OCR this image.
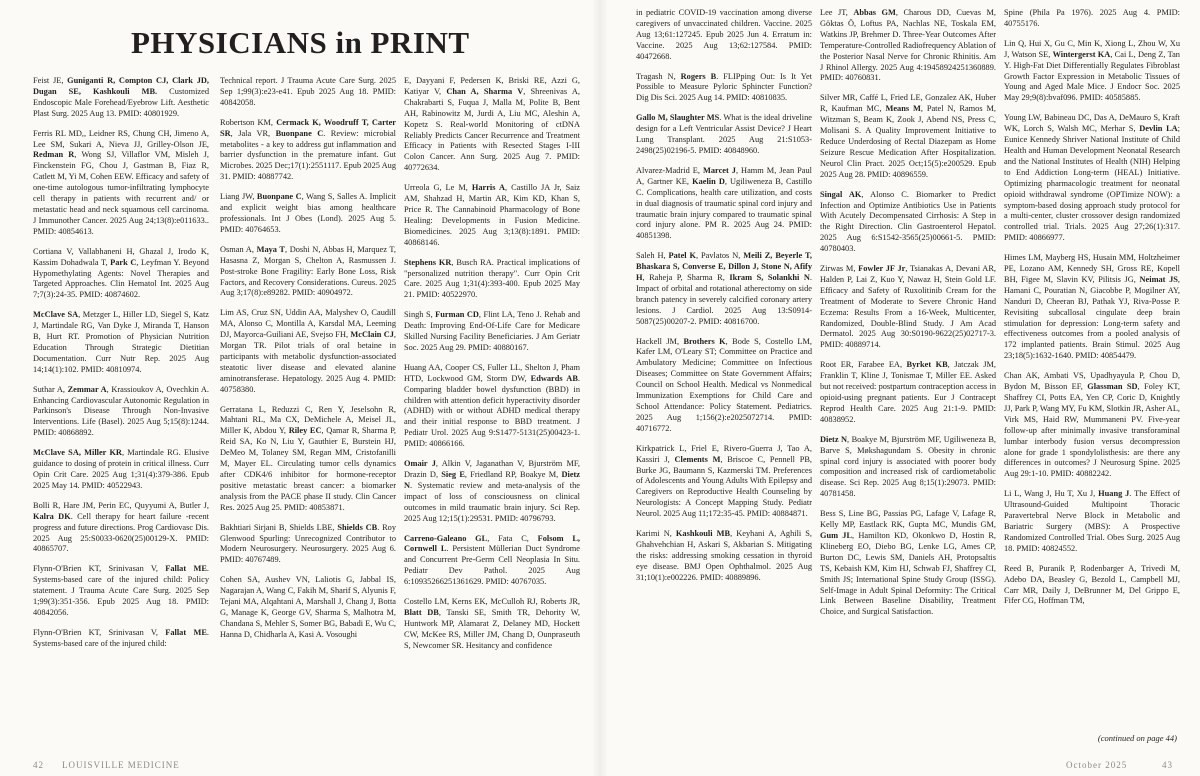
PHYSICIANS in PRINT

Feist JE, Guniganti R, Compton CJ, Clark JD, Dugan SE, Kashkouli MB. Customized Endoscopic Male Forehead/Eyebrow Lift. Aesthetic Plast Surg. 2025 Aug 13. PMID: 40801929.

Ferris RL MD,, Leidner RS, Chung CH, Jimeno A, Lee SM, Sukari A, Nieva JJ, Grilley-Olson JE, Redman R, Wong SJ, Villaflor VM, Misleh J, Finckenstein FG, Chou J, Gastman B, Fiaz R, Catlett M, Yi M, Cohen EEW. Efficacy and safety of one-time autologous tumor-infiltrating lymphocyte cell therapy in patients with recurrent and/ or metastatic head and neck squamous cell carcinoma. J Immunother Cancer. 2025 Aug 24;13(8):e011633.. PMID: 40854613.

Cortiana V, Vallabhaneni H, Ghazal J, Irodo K, Kassim Dohadwala T, Park C, Leyfman Y. Beyond Hypomethylating Agents: Novel Therapies and Targeted Approaches. Clin Hematol Int. 2025 Aug 7;7(3):24-35. PMID: 40874602.

McClave SA, Metzger L, Hiller LD, Siegel S, Katz J, Martindale RG, Van Dyke J, Miranda T, Hanson B, Hurt RT. Promotion of Physician Nutrition Education Through Strategic Dietitian Documentation. Curr Nutr Rep. 2025 Aug 14;14(1):102. PMID: 40810974.

Suthar A, Zemmar A, Krassioukov A, Ovechkin A. Enhancing Cardiovascular Autonomic Regulation in Parkinson's Disease Through Non-Invasive Interventions. Life (Basel). 2025 Aug 5;15(8):1244. PMID: 40868892.

McClave SA, Miller KR, Martindale RG. Elusive guidance to dosing of protein in critical illness. Curr Opin Crit Care. 2025 Aug 1;31(4):379-386. Epub 2025 May 14. PMID: 40522943.

Bolli R, Hare JM, Perin EC, Quyyumi A, Butler J, Kalra DK. Cell therapy for heart failure -recent progress and future directions. Prog Cardiovasc Dis. 2025 Aug 25:S0033-0620(25)00129-X. PMID: 40865707.

Flynn-O'Brien KT, Srinivasan V, Fallat ME. Systems-based care of the injured child: Policy statement. J Trauma Acute Care Surg. 2025 Sep 1;99(3):351-356. Epub 2025 Aug 18. PMID: 40842056.

Flynn-O'Brien KT, Srinivasan V, Fallat ME. Systems-based care of the injured child:

Technical report. J Trauma Acute Care Surg. 2025 Sep 1;99(3):e23-e41. Epub 2025 Aug 18. PMID: 40842058.

Robertson KM, Cermack K, Woodruff T, Carter SR, Jala VR, Buonpane C. Review: microbial metabolites - a key to address gut inflammation and barrier dysfunction in the premature infant. Gut Microbes. 2025 Dec;17(1):2551117. Epub 2025 Aug 31. PMID: 40887742.

Liang JW, Buonpane C, Wang S, Salles A. Implicit and explicit weight bias among healthcare professionals. Int J Obes (Lond). 2025 Aug 5. PMID: 40764653.

Osman A, Maya T, Doshi N, Abbas H, Marquez T, Hasasna Z, Morgan S, Chelton A, Rasmussen J. Post-stroke Bone Fragility: Early Bone Loss, Risk Factors, and Recovery Considerations. Cureus. 2025 Aug 3;17(8):e89282. PMID: 40904972.

Lim AS, Cruz SN, Uddin AA, Malyshev O, Caudill MA, Alonso C, Montilla A, Karsdal MA, Leeming DJ, Mayorca-Guiliani AE, Svejso FH, McClain CJ, Morgan TR. Pilot trials of oral betaine in participants with metabolic dysfunction-associated steatotic liver disease and elevated alanine aminotransferase. Hepatology. 2025 Aug 4. PMID: 40758380.

Gerratana L, Reduzzi C, Ren Y, Jeselsohn R, Mahtani RL, Ma CX, DeMichele A, Meisel JL, Miller K, Abdou Y, Riley EC, Qamar R, Sharma P, Reid SA, Ko N, Liu Y, Gauthier E, Burstein HJ, DeMeo M, Tolaney SM, Regan MM, Cristofanilli M, Mayer EL. Circulating tumor cells dynamics after CDK4/6 inhibitor for hormone-receptor positive metastatic breast cancer: a biomarker analysis from the PACE phase II study. Clin Cancer Res. 2025 Aug 25. PMID: 40853871.

Bakhtiari Sirjani B, Shields LBE, Shields CB. Roy Glenwood Spurling: Unrecognized Contributor to Modern Neurosurgery. Neurosurgery. 2025 Aug 6. PMID: 40767489.

Cohen SA, Aushev VN, Laliotis G, Jabbal IS, Nagarajan A, Wang C, Fakih M, Sharif S, Alyunis F, Tejani MA, Alqahtani A, Marshall J, Chang J, Botta G, Manage K, George GV, Sharma S, Malhotra M, Chandana S, Mehler S, Somer BG, Babadi E, Wu C, Hanna D, Chidharla A, Kasi A. Vosoughi

E, Dayyani F, Pedersen K, Briski RE, Azzi G, Katiyar V, Chan A, Sharma V, Shreenivas A, Chakrabarti S, Fuqua J, Malla M, Polite B, Bent AH, Rabinowitz M, Jurdi A, Liu MC, Aleshin A, Kopetz S. Real-world Monitoring of ctDNA Reliably Predicts Cancer Recurrence and Treatment Efficacy in Patients with Resected Stages I-III Colon Cancer. Ann Surg. 2025 Aug 7. PMID: 40772634.

Urreola G, Le M, Harris A, Castillo JA Jr, Saiz AM, Shahzad H, Martin AR, Kim KD, Khan S, Price R. The Cannabinoid Pharmacology of Bone Healing: Developments in Fusion Medicine. Biomedicines. 2025 Aug 3;13(8):1891. PMID: 40868146.

Stephens KR, Busch RA. Practical implications of "personalized nutrition therapy". Curr Opin Crit Care. 2025 Aug 1;31(4):393-400. Epub 2025 May 21. PMID: 40522970.

Singh S, Furman CD, Flint LA, Teno J. Rehab and Death: Improving End-Of-Life Care for Medicare Skilled Nursing Facility Beneficiaries. J Am Geriatr Soc. 2025 Aug 29. PMID: 40880167.

Huang AA, Cooper CS, Fuller LL, Shelton J, Pham HTD, Lockwood GM, Storm DW, Edwards AB. Comparing bladder bowel dysfunction (BBD) in children with attention deficit hyperactivity disorder (ADHD) with or without ADHD medical therapy and their initial response to BBD treatment. J Pediatr Urol. 2025 Aug 9:S1477-5131(25)00423-1. PMID: 40866166.

Omair J, Alkin V, Jaganathan V, Bjurström MF, Drazin D, Sieg E, Friedland RP, Boakye M, Dietz N. Systematic review and meta-analysis of the impact of loss of consciousness on clinical outcomes in mild traumatic brain injury. Sci Rep. 2025 Aug 12;15(1):29531. PMID: 40796793.

Carreno-Galeano GL, Fata C, Folsom L, Cornwell L. Persistent Müllerian Duct Syndrome and Concurrent Pre-Germ Cell Neoplasia In Situ. Pediatr Dev Pathol. 2025 Aug 6:10935266251361629. PMID: 40767035.

Costello LM, Kerns EK, McCulloh RJ, Roberts JR, Blatt DB, Tanski SE, Smith TR, Dehority W, Huntwork MP, Alamarat Z, Delaney MD, Hockett CW, McKee RS, Miller JM, Chang D, Ounpraseuth S, Newcomer SR. Hesitancy and confidence

in pediatric COVID-19 vaccination among diverse caregivers of unvaccinated children. Vaccine. 2025 Aug 13;61:127245. Epub 2025 Jun 4. Erratum in: Vaccine. 2025 Aug 13;62:127584. PMID: 40472668.

Tragash N, Rogers B. FLIPping Out: Is It Yet Possible to Measure Pyloric Sphincter Function? Dig Dis Sci. 2025 Aug 14. PMID: 40810835.

Gallo M, Slaughter MS. What is the ideal driveline design for a Left Ventricular Assist Device? J Heart Lung Transplant. 2025 Aug 21:S1053-2498(25)02196-5. PMID: 40848960.

Alvarez-Madrid E, Marcet J, Hamm M, Jean Paul A, Gartner KE, Kaelin D, Ugiliweneza B, Castillo C. Complications, health care utilization, and costs in dual diagnosis of traumatic spinal cord injury and traumatic brain injury compared to traumatic spinal cord injury alone. PM R. 2025 Aug 24. PMID: 40851398.

Saleh H, Patel K, Pavlatos N, Meili Z, Beyerle T, Bhaskara S, Converse E, Dillon J, Stone N, Afify H, Raheja P, Sharma R, Ikram S, Solankhi N. Impact of orbital and rotational atherectomy on side branch patency in severely calcified coronary artery lesions. J Cardiol. 2025 Aug 13:S0914-5087(25)00207-2. PMID: 40816700.

Hackell JM, Brothers K, Bode S, Costello LM, Kafer LM, O'Leary ST; Committee on Practice and Ambulatory Medicine; Committee on Infectious Diseases; Committee on State Government Affairs; Council on School Health. Medical vs Nonmedical Immunization Exemptions for Child Care and School Attendance: Policy Statement. Pediatrics. 2025 Aug 1;156(2):e2025072714. PMID: 40716772.

Kirkpatrick L, Friel E, Rivero-Guerra J, Tao A, Kassiri J, Clements M, Briscoe C, Pennell PB, Burke JG, Baumann S, Kazmerski TM. Preferences of Adolescents and Young Adults With Epilepsy and Caregivers on Reproductive Health Counseling by Neurologists: A Concept Mapping Study. Pediatr Neurol. 2025 Aug 11;172:35-45. PMID: 40884871.

Karimi N, Kashkouli MB, Keyhani A, Aghili S, Ghahvehchian H, Askari S, Akbarian S. Mitigating the risks: addressing smoking cessation in thyroid eye disease. BMJ Open Ophthalmol. 2025 Aug 31;10(1):e002226. PMID: 40889896.

Lee JT, Abbas GM, Charous DD, Cuevas M, Göktas Ö, Loftus PA, Nachlas NE, Toskala EM, Watkins JP, Brehmer D. Three-Year Outcomes After Temperature-Controlled Radiofrequency Ablation of the Posterior Nasal Nerve for Chronic Rhinitis. Am J Rhinol Allergy. 2025 Aug 4:19458924251360889. PMID: 40760831.

Silver MR, Caffé L, Fried LE, Gonzalez AK, Huber R, Kaufman MC, Means M, Patel N, Ramos M, Witzman S, Beam K, Zook J, Abend NS, Press C, Molisani S. A Quality Improvement Initiative to Reduce Underdosing of Rectal Diazepam as Home Seizure Rescue Medication After Hospitalization. Neurol Clin Pract. 2025 Oct;15(5):e200529. Epub 2025 Aug 28. PMID: 40896559.

Singal AK, Alonso C. Biomarker to Predict Infection and Optimize Antibiotics Use in Patients With Acutely Decompensated Cirrhosis: A Step in the Right Direction. Clin Gastroenterol Hepatol. 2025 Aug 6:S1542-3565(25)00661-5. PMID: 40780403.

Zirwas M, Fowler JF Jr, Tsianakas A, Devani AR, Halden P, Lai Z, Kuo Y, Nawaz H, Stein Gold LF. Efficacy and Safety of Ruxolitinib Cream for the Treatment of Moderate to Severe Chronic Hand Eczema: Results From a 16-Week, Multicenter, Randomized, Double-Blind Study. J Am Acad Dermatol. 2025 Aug 30:S0190-9622(25)02717-3. PMID: 40889714.

Root ER, Farabee EA, Byrket KB, Jatczak JM, Franklin T, Kline J, Tonismae T, Miller EE. Asked but not received: postpartum contraception access in opioid-using pregnant patients. Eur J Contracept Reprod Health Care. 2025 Aug 21:1-9. PMID: 40838952.

Dietz N, Boakye M, Bjurström MF, Ugiliweneza B, Barve S, Møkshagundam S. Obesity in chronic spinal cord injury is associated with poorer body composition and increased risk of cardiometabolic disease. Sci Rep. 2025 Aug 8;15(1):29073. PMID: 40781458.

Bess S, Line BG, Passias PG, Lafage V, Lafage R, Kelly MP, Eastlack RK, Gupta MC, Mundis GM, Gum JL, Hamilton KD, Okonkwo D, Hostin R, Klineberg EO, Diebo BG, Lenke LG, Ames CP, Burton DC, Lewis SM, Daniels AH, Protopsaltis TS, Kebaish KM, Kim HJ, Schwab FJ, Shaffrey CI, Smith JS; International Spine Study Group (ISSG). Self-Image in Adult Spinal Deformity: The Critical Link Between Baseline Disability, Treatment Choice, and Surgical Satisfaction.

Spine (Phila Pa 1976). 2025 Aug 4. PMID: 40755176.

Lin Q, Hui X, Gu C, Min K, Xiong L, Zhou W, Xu J, Watson SE, Wintergerst KA, Cai L, Deng Z, Tan Y. High-Fat Diet Differentially Regulates Fibroblast Growth Factor Expression in Metabolic Tissues of Young and Aged Male Mice. J Endocr Soc. 2025 May 29;9(8):bvaf096. PMID: 40585885.

Young LW, Babineau DC, Das A, DeMauro S, Kraft WK, Lorch S, Walsh MC, Merhar S, Devlin LA; Eunice Kennedy Shriver National Institute of Child Health and Human Development Neonatal Research and the National Institutes of Health (NIH) Helping to End Addiction Long-term (HEAL) Initiative. Optimizing pharmacologic treatment for neonatal opioid withdrawal syndrome (OPTimize NOW): a symptom-based dosing approach study protocol for a multi-center, cluster crossover design randomized controlled trial. Trials. 2025 Aug 27;26(1):317. PMID: 40866977.

Himes LM, Mayberg HS, Husain MM, Holtzheimer PE, Lozano AM, Kennedy SH, Gross RE, Kopell BH, Figee M, Slavin KV, Pilitsis JG, Neimat JS, Hamani C, Pouratian N, Giacobbe P, Mogilner AY, Nanduri D, Cheeran BJ, Pathak YJ, Riva-Posse P. Revisiting subcallosal cingulate deep brain stimulation for depression: Long-term safety and effectiveness outcomes from a pooled analysis of 172 implanted patients. Brain Stimul. 2025 Aug 23;18(5):1632-1640. PMID: 40854479.

Chan AK, Ambati VS, Upadhyayula P, Chou D, Bydon M, Bisson EF, Glassman SD, Foley KT, Shaffrey CI, Potts EA, Yen CP, Coric D, Knightly JJ, Park P, Wang MY, Fu KM, Slotkin JR, Asher AL, Virk MS, Haid RW, Mummaneni PV. Five-year follow-up after minimally invasive transforaminal lumbar interbody fusion versus decompression alone for grade 1 spondylolisthesis: are there any differences in outcomes? J Neurosurg Spine. 2025 Aug 29:1-10. PMID: 40882242.

Li L, Wang J, Hu T, Xu J, Huang J. The Effect of Ultrasound-Guided Multipoint Thoracic Paravertebral Nerve Block in Metabolic and Bariatric Surgery (MBS): A Prospective Randomized Controlled Trial. Obes Surg. 2025 Aug 18. PMID: 40824552.

Reed B, Puranik P, Rodenbarger A, Trivedi M, Adebo DA, Beasley G, Bezold L, Campbell MJ, Carr MR, Daily J, DeBrunner M, Del Grippo E, Fifer CG, Hoffman TM,

(continued on page 44)
42 LOUISVILLE MEDICINE	October 2025	43
